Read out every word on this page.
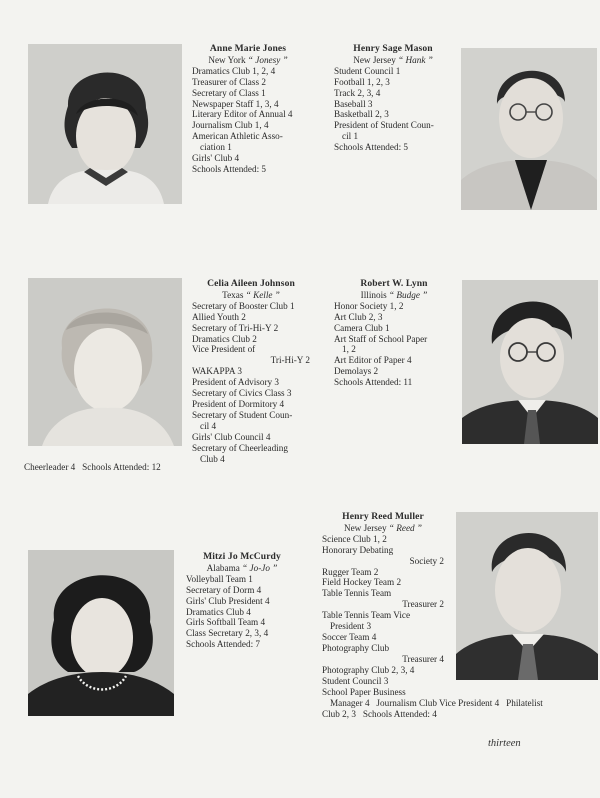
Anne Marie Jones
New York “ Jonesy ”
Dramatics Club 1, 2, 4
Treasurer of Class 2
Secretary of Class 1
Newspaper Staff 1, 3, 4
Literary Editor of Annual 4
Journalism Club 1, 4
American Athletic Asso-
ciation 1
Girls' Club 4
Schools Attended: 5
Henry Sage Mason
New Jersey “ Hank ”
Student Council 1
Football 1, 2, 3
Track 2, 3, 4
Baseball 3
Basketball 2, 3
President of Student Coun-
cil 1
Schools Attended: 5
Celia Aileen Johnson
Texas “ Kelle ”
Secretary of Booster Club 1
Allied Youth 2
Secretary of Tri-Hi-Y 2
Dramatics Club 2
Vice President of
Tri-Hi-Y 2
WAKAPPA 3
President of Advisory 3
Secretary of Civics Class 3
President of Dormitory 4
Secretary of Student Coun-
cil 4
Girls' Club Council 4
Secretary of Cheerleading
Club 4
Cheerleader 4   Schools Attended: 12
Robert W. Lynn
Illinois “ Budge ”
Honor Society 1, 2
Art Club 2, 3
Camera Club 1
Art Staff of School Paper
1, 2
Art Editor of Paper 4
Demolays 2
Schools Attended: 11
Henry Reed Muller
New Jersey “ Reed ”
Science Club 1, 2
Honorary Debating
Society 2
Rugger Team 2
Field Hockey Team 2
Table Tennis Team
Treasurer 2
Table Tennis Team Vice
President 3
Soccer Team 4
Photography Club
Treasurer 4
Photography Club 2, 3, 4
Student Council 3
School Paper Business
Manager 4   Journalism Club Vice President 4   Philatelist
Club 2, 3   Schools Attended: 4
Mitzi Jo McCurdy
Alabama “ Jo-Jo ”
Volleyball Team 1
Secretary of Dorm 4
Girls' Club President 4
Dramatics Club 4
Girls Softball Team 4
Class Secretary 2, 3, 4
Schools Attended: 7
thirteen
